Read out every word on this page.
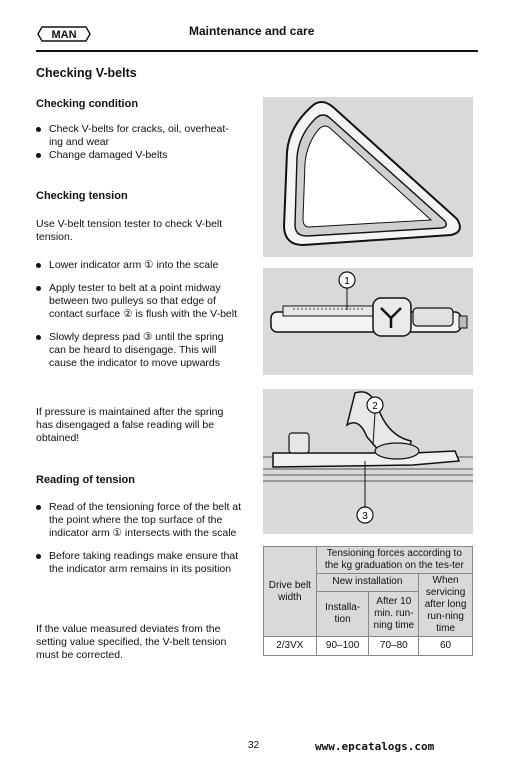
MAN	Maintenance and care
Checking V-belts
Checking condition
Check V-belts for cracks, oil, overheat-ing and wear
Change damaged V-belts
Checking tension
Use V-belt tension tester to check V-belt tension.
Lower indicator arm ① into the scale
Apply tester to belt at a point midway between two pulleys so that edge of contact surface ② is flush with the V-belt
Slowly depress pad ③ until the spring can be heard to disengage. This will cause the indicator to move upwards
If pressure is maintained after the spring has disengaged a false reading will be obtained!
Reading of tension
Read of the tensioning force of the belt at the point where the top surface of the indicator arm ① intersects with the scale
Before taking readings make ensure that the indicator arm remains in its position
If the value measured deviates from the setting value specified, the V-belt tension must be corrected.
1
2
3
Drive belt width	Tensioning forces according to the kg graduation on the tes-ter		
	New installation		When servicing after long run-ning time
	Installa-tion	After 10 min. run-ning time	
2/3VX	90–100	70–80	60
32	www.epcatalogs.com
